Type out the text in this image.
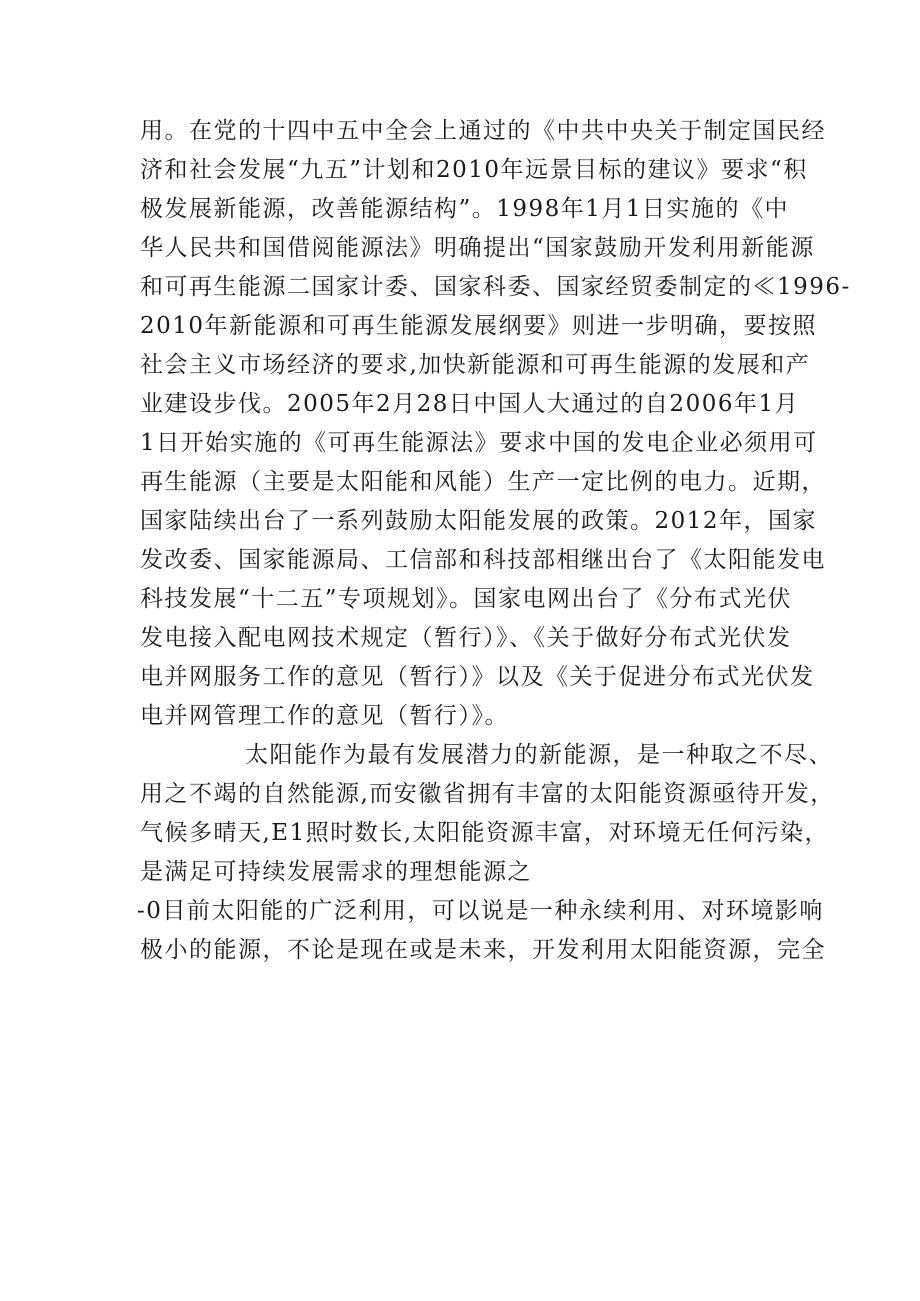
用。在党的十四中五中全会上通过的《中共中央关于制定国民经
济和社会发展“九五”计划和2010年远景目标的建议》要求“积
极发展新能源，改善能源结构”。1998年1月1日实施的《中
华人民共和国借阅能源法》明确提出“国家鼓励开发利用新能源
和可再生能源二国家计委、国家科委、国家经贸委制定的≪1996-
2010年新能源和可再生能源发展纲要》则进一步明确，要按照
社会主义市场经济的要求,加快新能源和可再生能源的发展和产
业建设步伐。2005年2月28日中国人大通过的自2006年1月
1日开始实施的《可再生能源法》要求中国的发电企业必须用可
再生能源（主要是太阳能和风能）生产一定比例的电力。近期，
国家陆续出台了一系列鼓励太阳能发展的政策。2012年，国家
发改委、国家能源局、工信部和科技部相继出台了《太阳能发电
科技发展“十二五”专项规划》。国家电网出台了《分布式光伏
发电接入配电网技术规定（暂行）》、《关于做好分布式光伏发
电并网服务工作的意见（暂行）》以及《关于促进分布式光伏发
电并网管理工作的意见（暂行）》。
太阳能作为最有发展潜力的新能源，是一种取之不尽、
用之不竭的自然能源,而安徽省拥有丰富的太阳能资源亟待开发，
气候多晴天,E1照时数长,太阳能资源丰富，对环境无任何污染，
是满足可持续发展需求的理想能源之
-0目前太阳能的广泛利用，可以说是一种永续利用、对环境影响
极小的能源，不论是现在或是未来，开发利用太阳能资源，完全
